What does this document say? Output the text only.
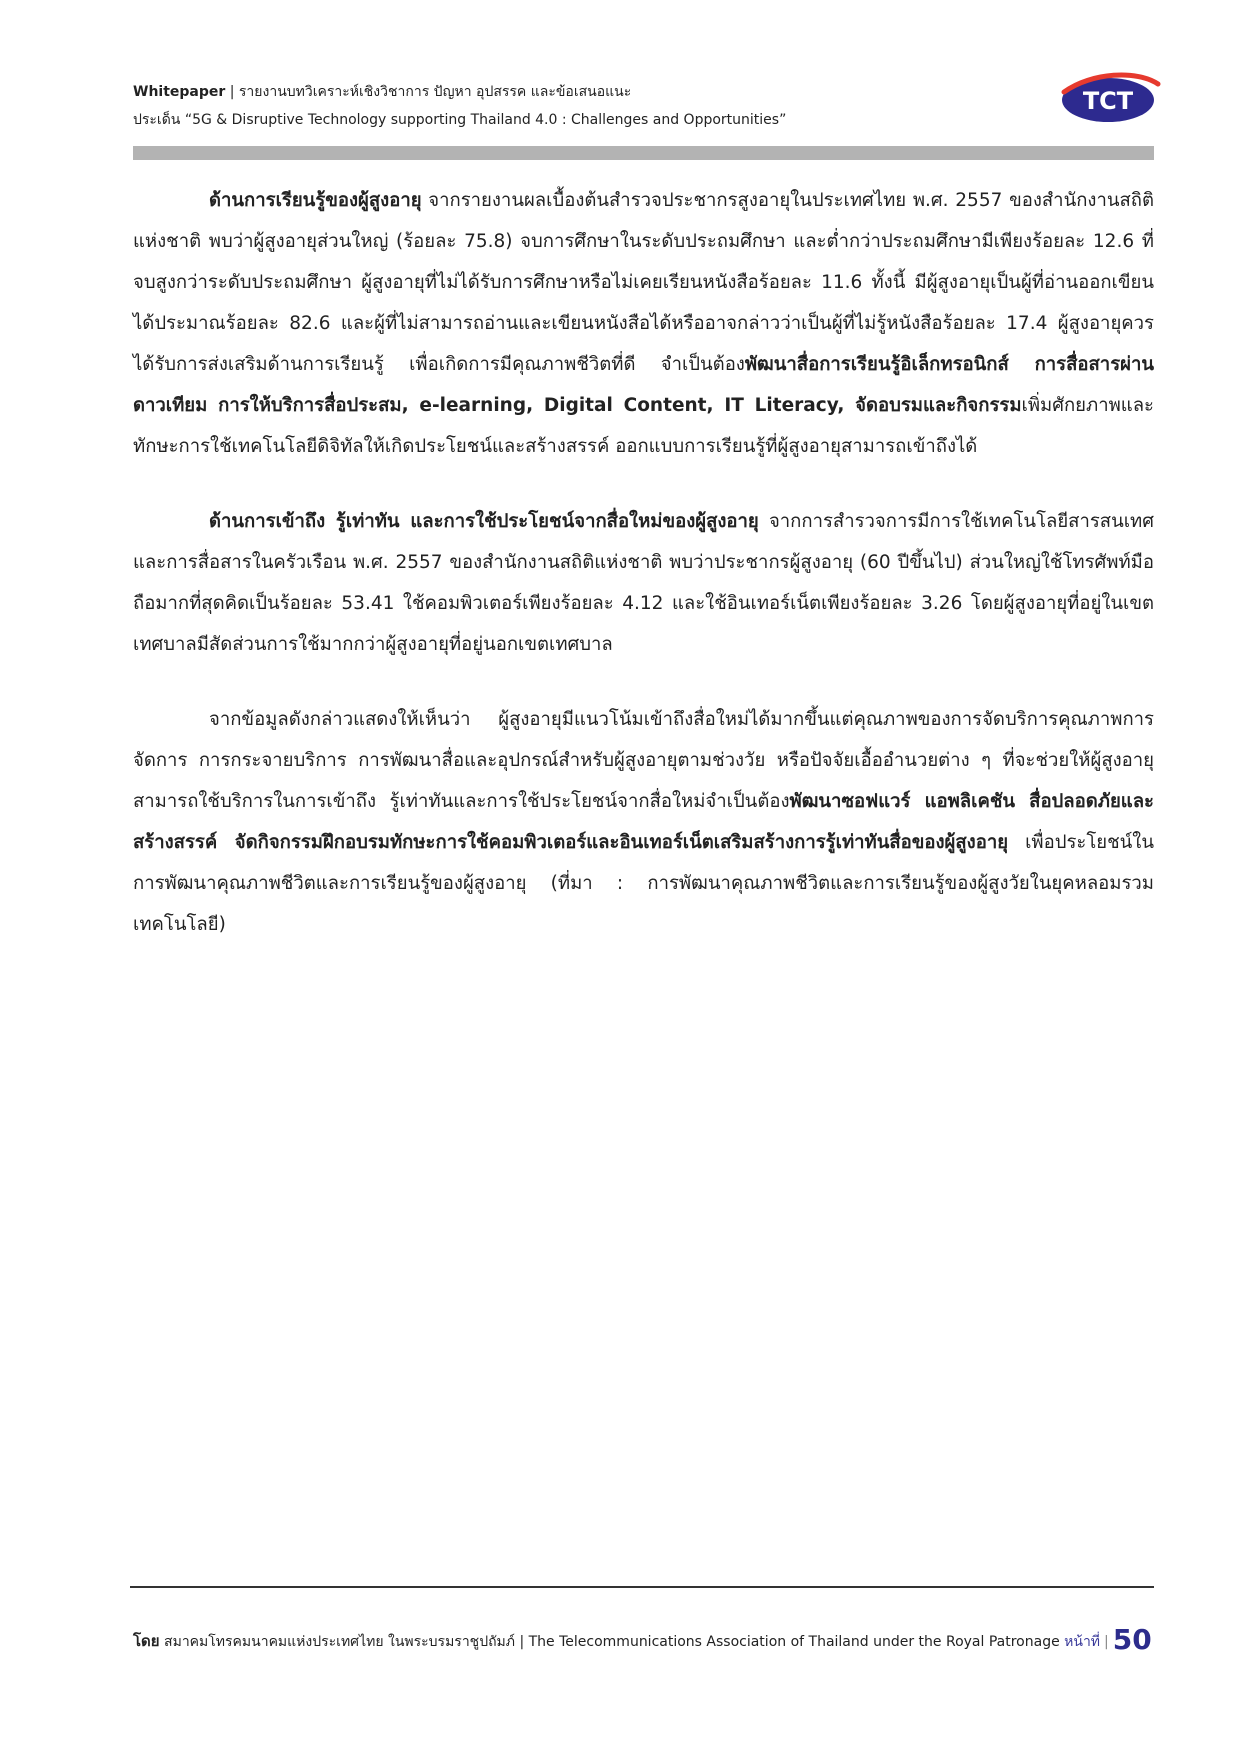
Whitepaper | รายงานบทวิเคราะห์เชิงวิชาการ ปัญหา อุปสรรค และข้อเสนอแนะ
ประเด็น “5G & Disruptive Technology supporting Thailand 4.0 : Challenges and Opportunities”
TCT

ด้านการเรียนรู้ของผู้สูงอายุ จากรายงานผลเบื้องต้นสำรวจประชากรสูงอายุในประเทศไทย พ.ศ. 2557 ของสำนักงานสถิติแห่งชาติ พบว่าผู้สูงอายุส่วนใหญ่ (ร้อยละ 75.8) จบการศึกษาในระดับประถมศึกษา และต่ำกว่าประถมศึกษามีเพียงร้อยละ 12.6 ที่จบสูงกว่าระดับประถมศึกษา ผู้สูงอายุที่ไม่ได้รับการศึกษาหรือไม่เคยเรียนหนังสือร้อยละ 11.6 ทั้งนี้ มีผู้สูงอายุเป็นผู้ที่อ่านออกเขียนได้ประมาณร้อยละ 82.6 และผู้ที่ไม่สามารถอ่านและเขียนหนังสือได้หรืออาจกล่าวว่าเป็นผู้ที่ไม่รู้หนังสือร้อยละ 17.4 ผู้สูงอายุควรได้รับการส่งเสริมด้านการเรียนรู้ เพื่อเกิดการมีคุณภาพชีวิตที่ดี จำเป็นต้องพัฒนาสื่อการเรียนรู้อิเล็กทรอนิกส์ การสื่อสารผ่านดาวเทียม การให้บริการสื่อประสม, e-learning, Digital Content, IT Literacy, จัดอบรมและกิจกรรมเพิ่มศักยภาพและทักษะการใช้เทคโนโลยีดิจิทัลให้เกิดประโยชน์และสร้างสรรค์ ออกแบบการเรียนรู้ที่ผู้สูงอายุสามารถเข้าถึงได้

ด้านการเข้าถึง รู้เท่าทัน และการใช้ประโยชน์จากสื่อใหม่ของผู้สูงอายุ จากการสำรวจการมีการใช้เทคโนโลยีสารสนเทศและการสื่อสารในครัวเรือน พ.ศ. 2557 ของสำนักงานสถิติแห่งชาติ พบว่าประชากรผู้สูงอายุ (60 ปีขึ้นไป) ส่วนใหญ่ใช้โทรศัพท์มือถือมากที่สุดคิดเป็นร้อยละ 53.41 ใช้คอมพิวเตอร์เพียงร้อยละ 4.12 และใช้อินเทอร์เน็ตเพียงร้อยละ 3.26 โดยผู้สูงอายุที่อยู่ในเขตเทศบาลมีสัดส่วนการใช้มากกว่าผู้สูงอายุที่อยู่นอกเขตเทศบาล

จากข้อมูลดังกล่าวแสดงให้เห็นว่า ผู้สูงอายุมีแนวโน้มเข้าถึงสื่อใหม่ได้มากขึ้นแต่คุณภาพของการจัดบริการคุณภาพการจัดการ การกระจายบริการ การพัฒนาสื่อและอุปกรณ์สำหรับผู้สูงอายุตามช่วงวัย หรือปัจจัยเอื้ออำนวยต่าง ๆ ที่จะช่วยให้ผู้สูงอายุสามารถใช้บริการในการเข้าถึง รู้เท่าทันและการใช้ประโยชน์จากสื่อใหม่จำเป็นต้องพัฒนาซอฟแวร์ แอพลิเคชัน สื่อปลอดภัยและสร้างสรรค์ จัดกิจกรรมฝึกอบรมทักษะการใช้คอมพิวเตอร์และอินเทอร์เน็ตเสริมสร้างการรู้เท่าทันสื่อของผู้สูงอายุ เพื่อประโยชน์ในการพัฒนาคุณภาพชีวิตและการเรียนรู้ของผู้สูงอายุ (ที่มา : การพัฒนาคุณภาพชีวิตและการเรียนรู้ของผู้สูงวัยในยุคหลอมรวมเทคโนโลยี)

โดย สมาคมโทรคมนาคมแห่งประเทศไทย ในพระบรมราชูปถัมภ์ | The Telecommunications Association of Thailand under the Royal Patronage หน้าที่ | 50
